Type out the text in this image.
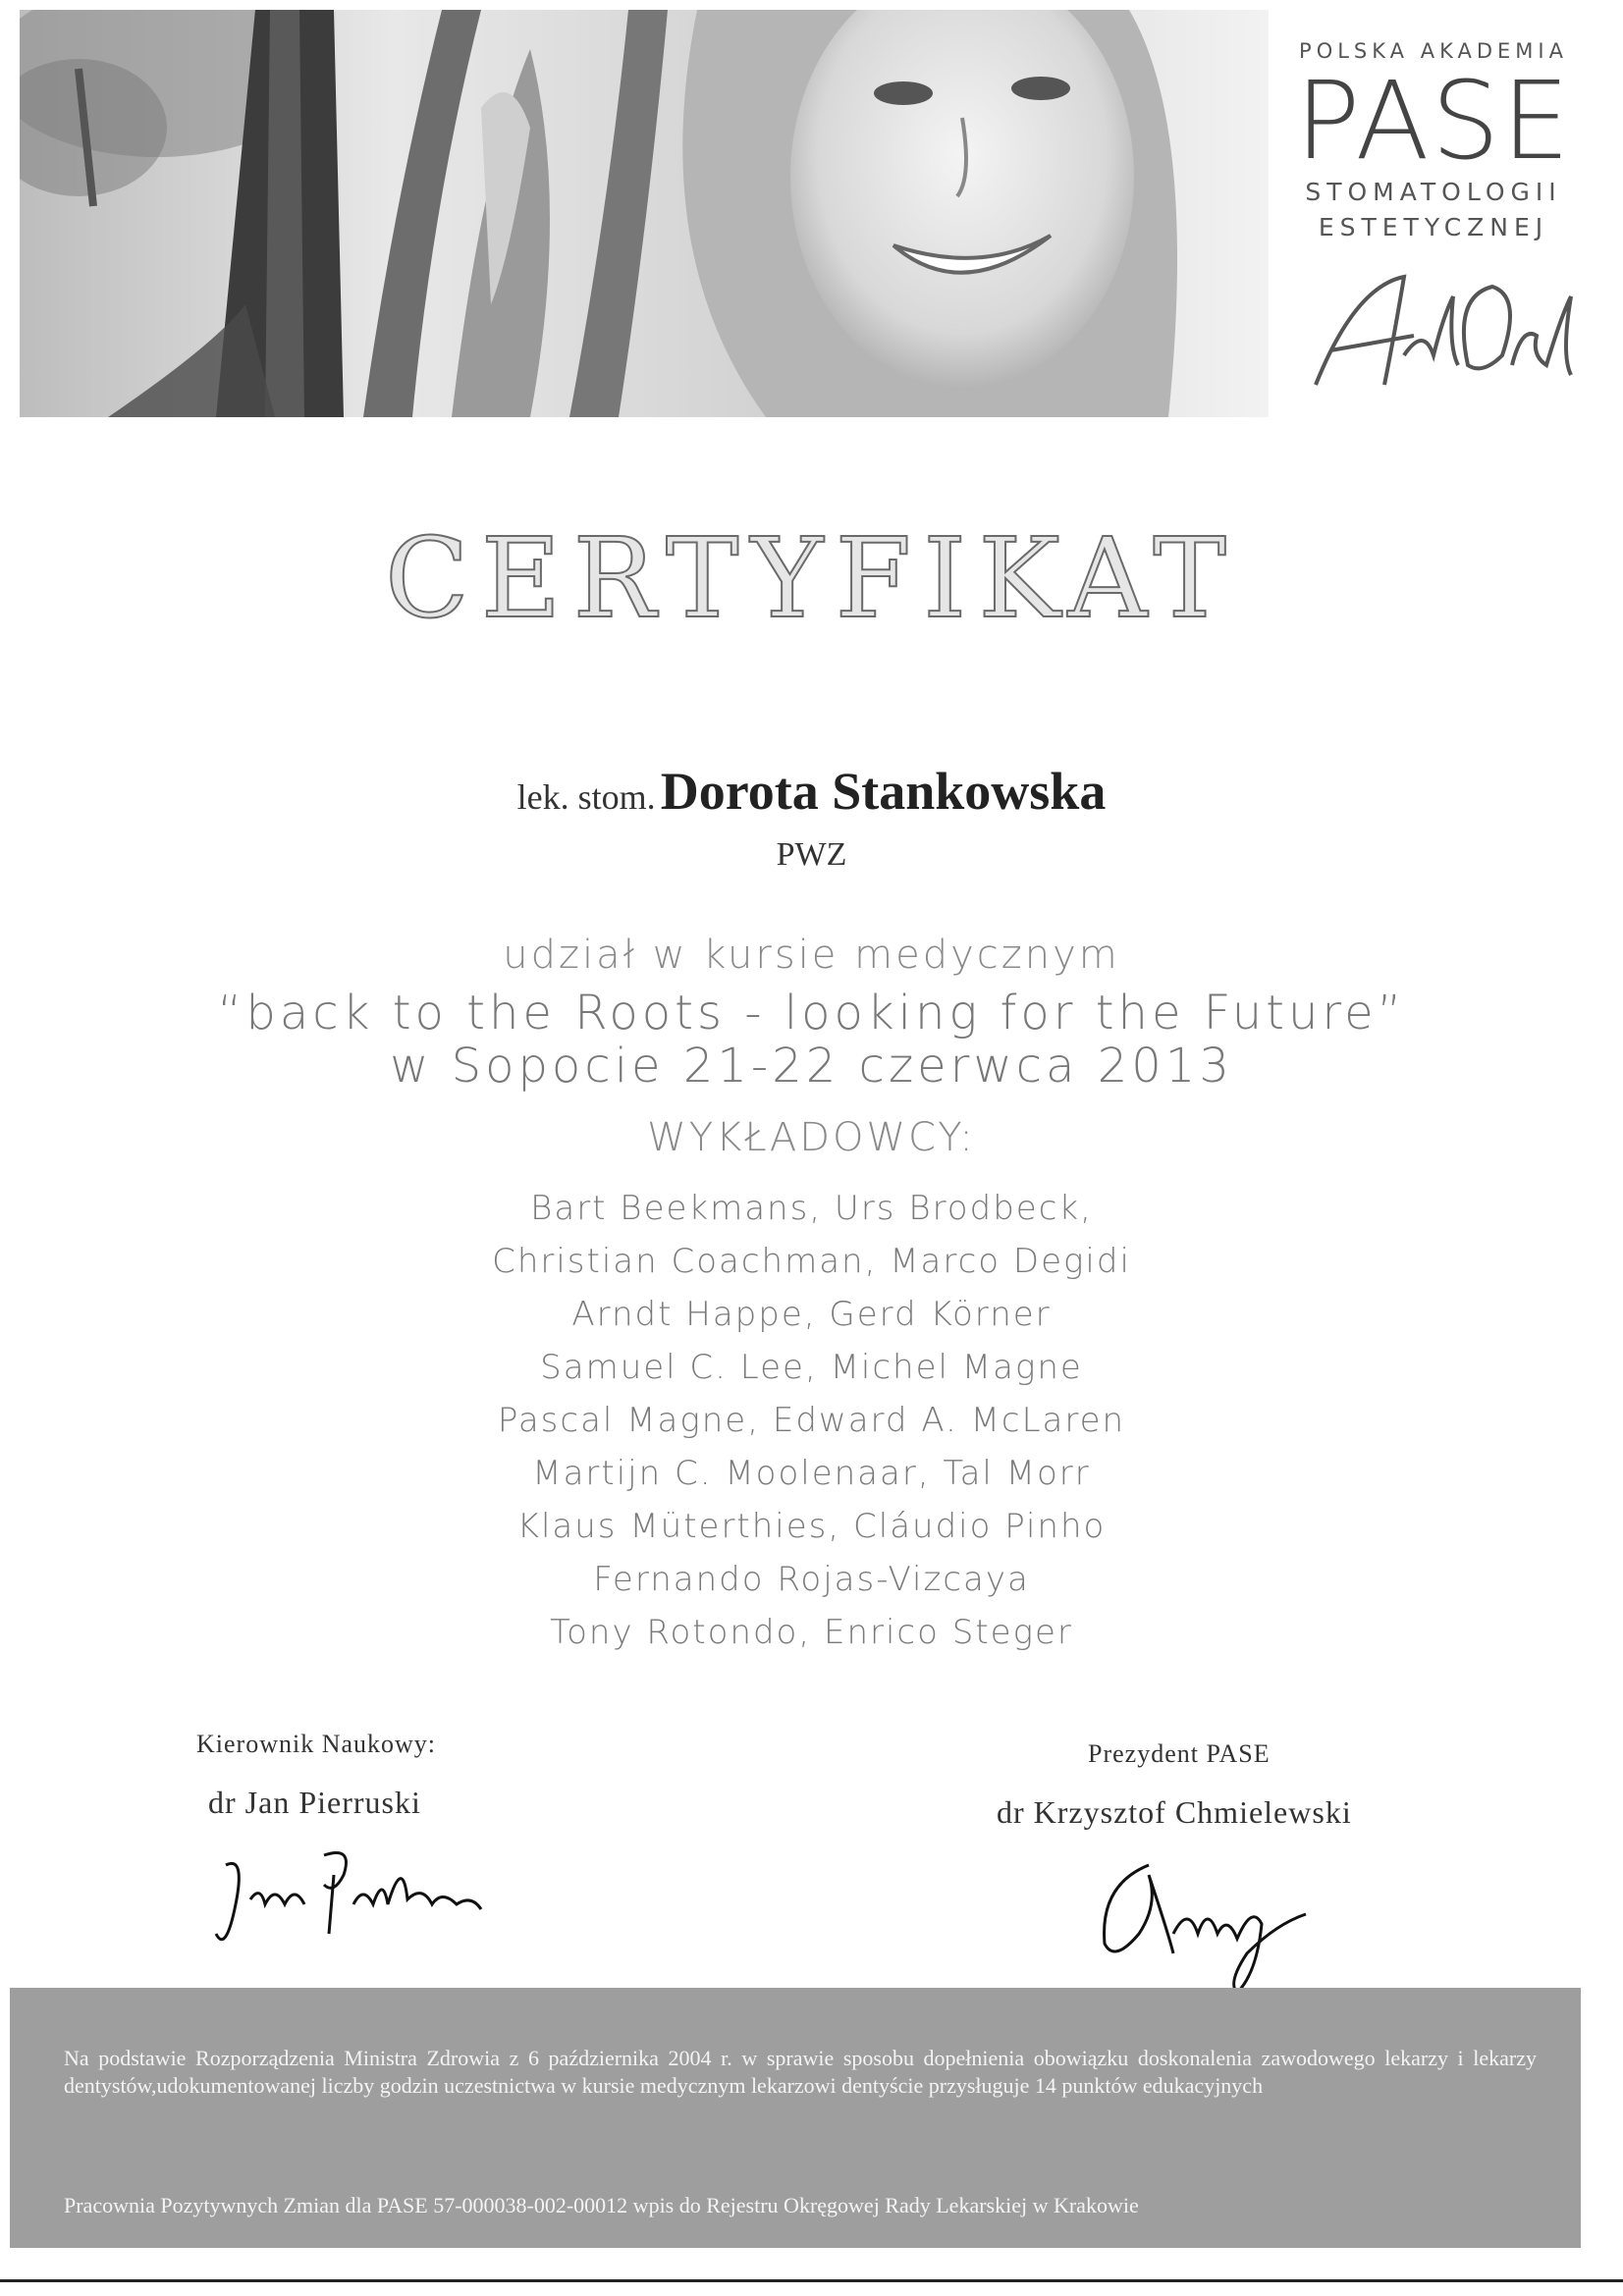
POLSKA AKADEMIA
PASE
STOMATOLOGII
ESTETYCZNEJ
CERTYFIKAT
lek. stom. Dorota Stankowska
PWZ
udział w kursie medycznym
“back to the Roots - looking for the Future”
w Sopocie 21-22 czerwca 2013
WYKŁADOWCY:
Bart Beekmans, Urs Brodbeck,
Christian Coachman, Marco Degidi
Arndt Happe, Gerd Körner
Samuel C. Lee, Michel Magne
Pascal Magne, Edward A. McLaren
Martijn C. Moolenaar, Tal Morr
Klaus Müterthies, Cláudio Pinho
Fernando Rojas-Vizcaya
Tony Rotondo, Enrico Steger
Kierownik Naukowy:
dr Jan Pierruski
Prezydent PASE
dr Krzysztof Chmielewski
Na podstawie Rozporządzenia Ministra Zdrowia z 6 października 2004 r. w sprawie sposobu dopełnienia obowiązku doskonalenia zawodowego lekarzy i lekarzy dentystów,udokumentowanej liczby godzin uczestnictwa w kursie medycznym lekarzowi dentyście przysługuje 14 punktów edukacyjnych
Pracownia Pozytywnych Zmian dla PASE 57-000038-002-00012 wpis do Rejestru Okręgowej Rady Lekarskiej w Krakowie
